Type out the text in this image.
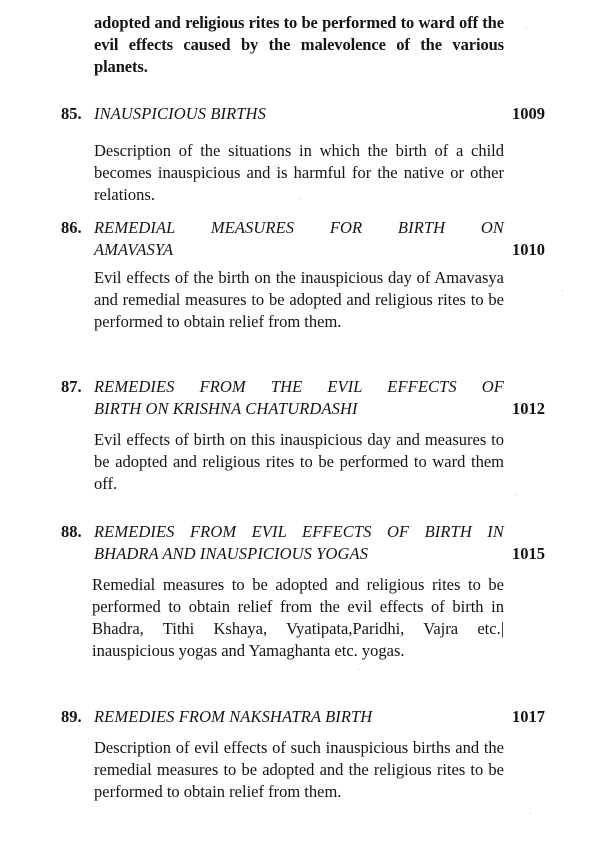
adopted and religious rites to be performed to ward off the evil effects caused by the malevolence of the various planets.
85. INAUSPICIOUS BIRTHS	1009
Description of the situations in which the birth of a child becomes inauspicious and is harmful for the native or other relations.
86. REMEDIAL MEASURES FOR BIRTH ON
AMAVASYA	1010
Evil effects of the birth on the inauspicious day of Amavasya and remedial measures to be adopted and religious rites to be performed to obtain relief from them.
87. REMEDIES FROM THE EVIL EFFECTS OF
BIRTH ON KRISHNA CHATURDASHI	1012
Evil effects of birth on this inauspicious day and measures to be adopted and religious rites to be performed to ward them off.
88. REMEDIES FROM EVIL EFFECTS OF BIRTH IN
BHADRA AND INAUSPICIOUS YOGAS	1015
Remedial measures to be adopted and religious rites to be performed to obtain relief from the evil effects of birth in Bhadra, Tithi Kshaya, Vyatipata,Paridhi, Vajra etc.| inauspicious yogas and Yamaghanta etc. yogas.
89. REMEDIES FROM NAKSHATRA BIRTH	1017
Description of evil effects of such inauspicious births and the remedial measures to be adopted and the religious rites to be performed to obtain relief from them.
